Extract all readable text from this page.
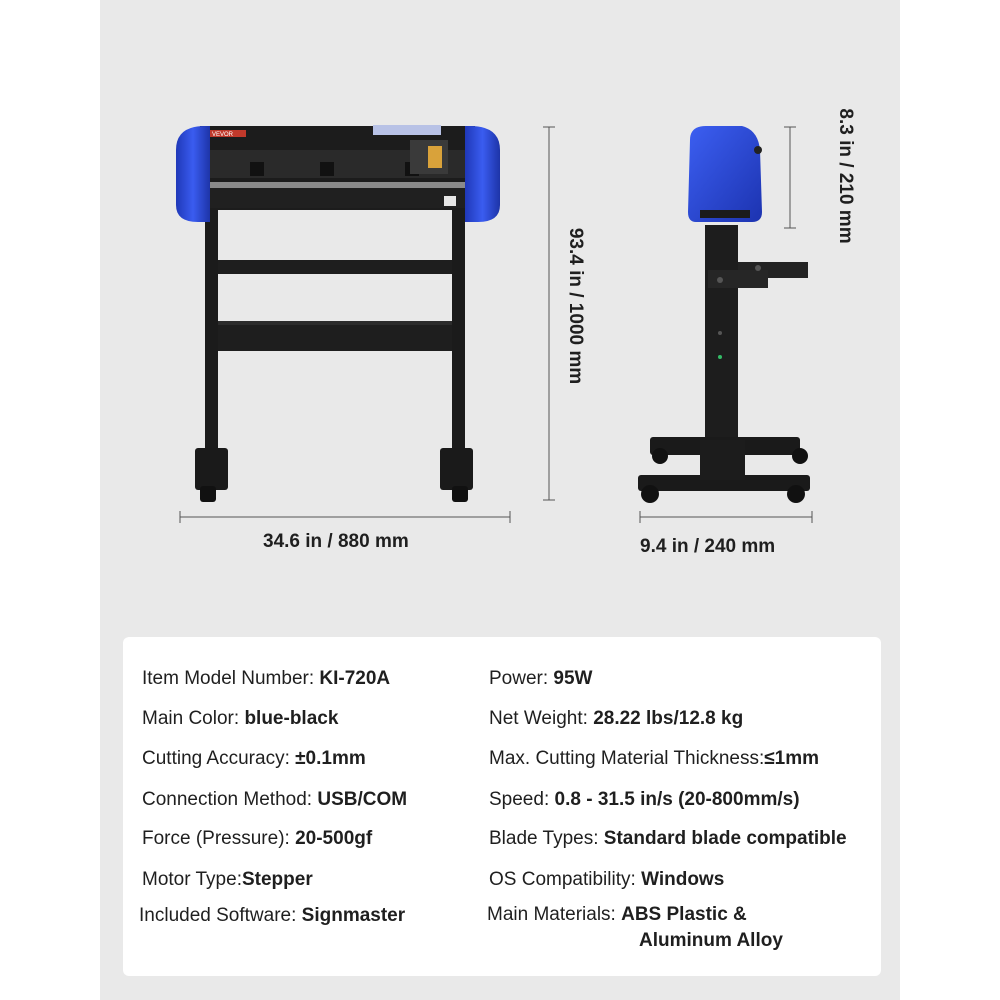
VEVOR
34.6 in / 880 mm
93.4 in / 1000 mm
9.4 in / 240 mm
8.3 in / 210 mm
Item Model Number: KI-720A
Main Color: blue-black
Cutting Accuracy: ±0.1mm
Connection Method: USB/COM
Force (Pressure): 20-500gf
Motor Type:Stepper
Included Software: Signmaster
Power: 95W
Net Weight: 28.22 lbs/12.8 kg
Max. Cutting Material Thickness:≤1mm
Speed: 0.8 - 31.5 in/s (20-800mm/s)
Blade Types: Standard blade compatible
OS Compatibility: Windows
Main Materials: ABS Plastic &
Aluminum Alloy
